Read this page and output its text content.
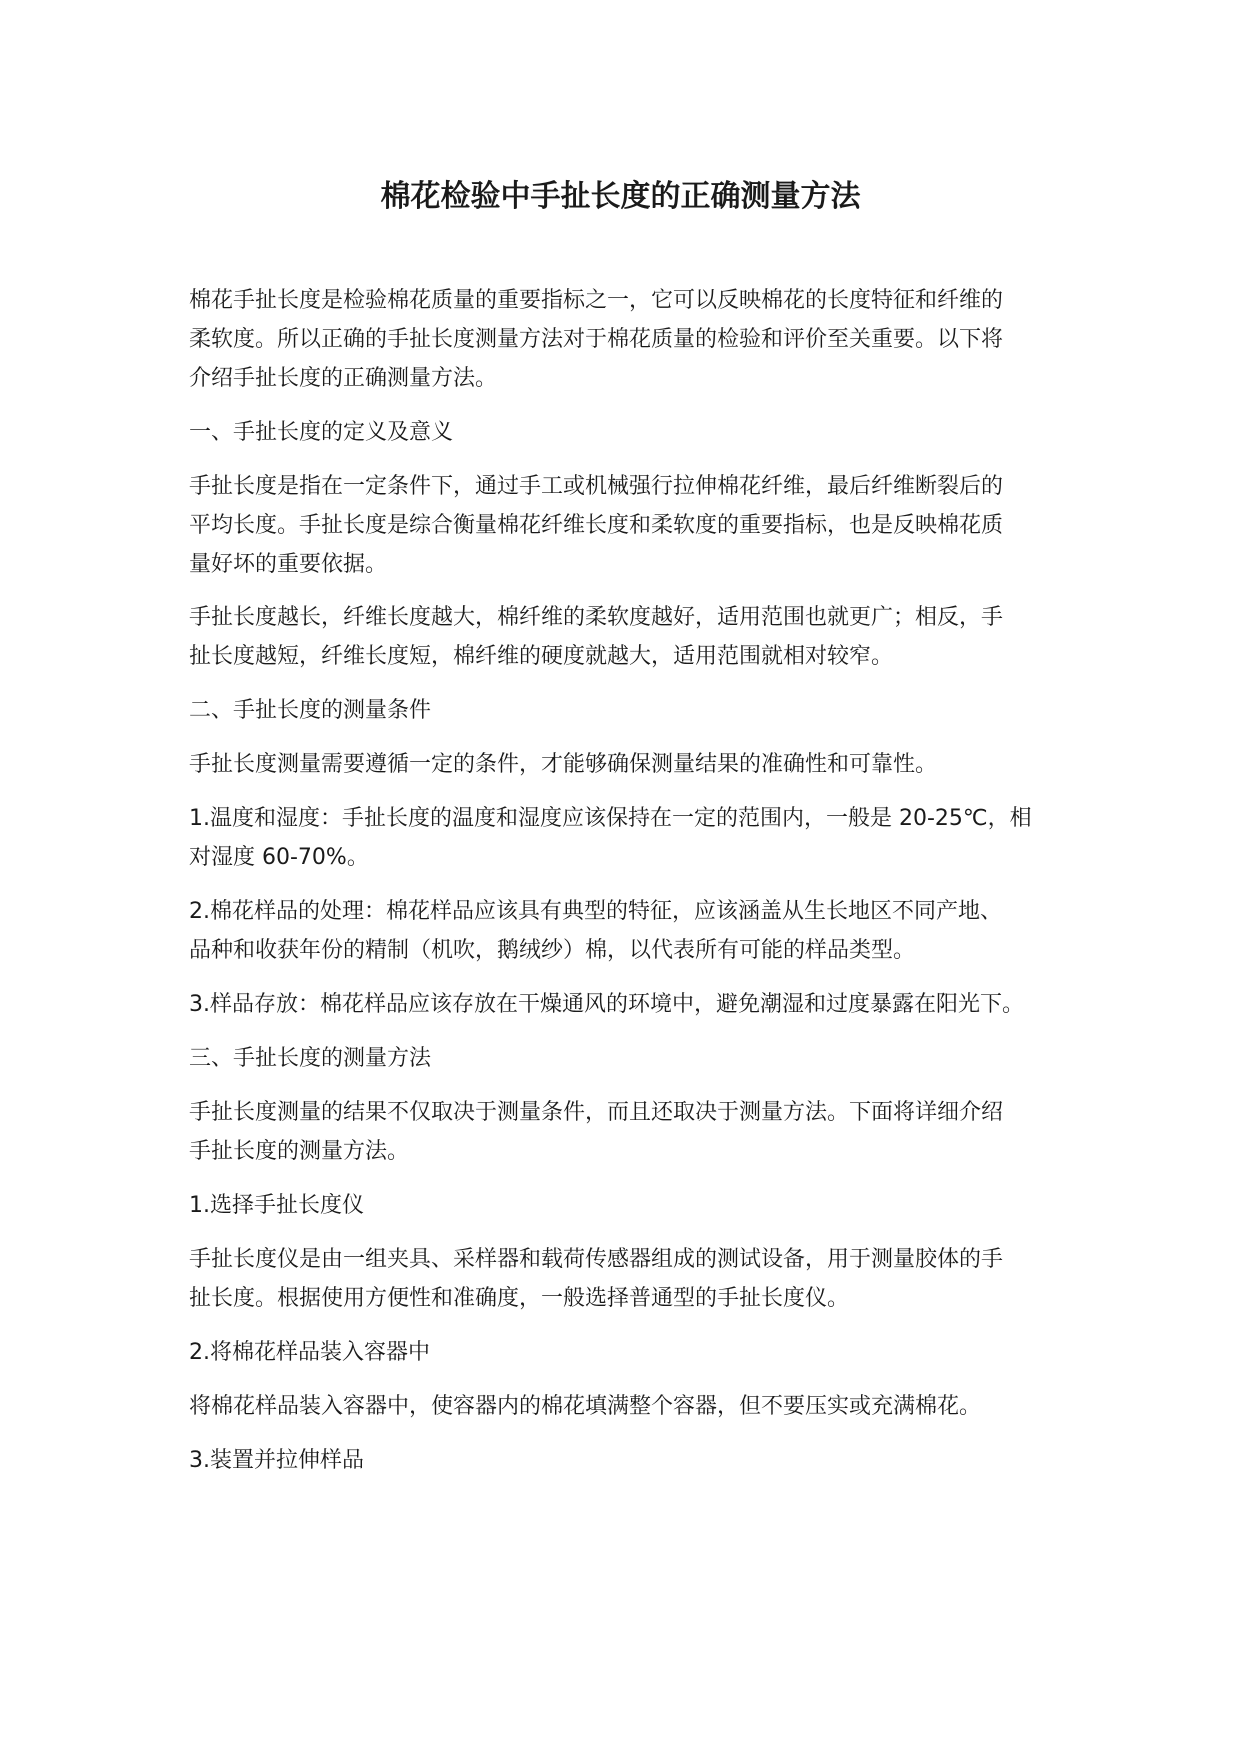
棉花检验中手扯长度的正确测量方法
棉花手扯长度是检验棉花质量的重要指标之一，它可以反映棉花的长度特征和纤维的
柔软度。所以正确的手扯长度测量方法对于棉花质量的检验和评价至关重要。以下将
介绍手扯长度的正确测量方法。
一、手扯长度的定义及意义
手扯长度是指在一定条件下，通过手工或机械强行拉伸棉花纤维，最后纤维断裂后的
平均长度。手扯长度是综合衡量棉花纤维长度和柔软度的重要指标，也是反映棉花质
量好坏的重要依据。
手扯长度越长，纤维长度越大，棉纤维的柔软度越好，适用范围也就更广；相反，手
扯长度越短，纤维长度短，棉纤维的硬度就越大，适用范围就相对较窄。
二、手扯长度的测量条件
手扯长度测量需要遵循一定的条件，才能够确保测量结果的准确性和可靠性。
1.温度和湿度：手扯长度的温度和湿度应该保持在一定的范围内，一般是 20-25℃，相
对湿度 60-70%。
2.棉花样品的处理：棉花样品应该具有典型的特征，应该涵盖从生长地区不同产地、
品种和收获年份的精制（机吹，鹅绒纱）棉，以代表所有可能的样品类型。
3.样品存放：棉花样品应该存放在干燥通风的环境中，避免潮湿和过度暴露在阳光下。
三、手扯长度的测量方法
手扯长度测量的结果不仅取决于测量条件，而且还取决于测量方法。下面将详细介绍
手扯长度的测量方法。
1.选择手扯长度仪
手扯长度仪是由一组夹具、采样器和载荷传感器组成的测试设备，用于测量胶体的手
扯长度。根据使用方便性和准确度，一般选择普通型的手扯长度仪。
2.将棉花样品装入容器中
将棉花样品装入容器中，使容器内的棉花填满整个容器，但不要压实或充满棉花。
3.装置并拉伸样品
